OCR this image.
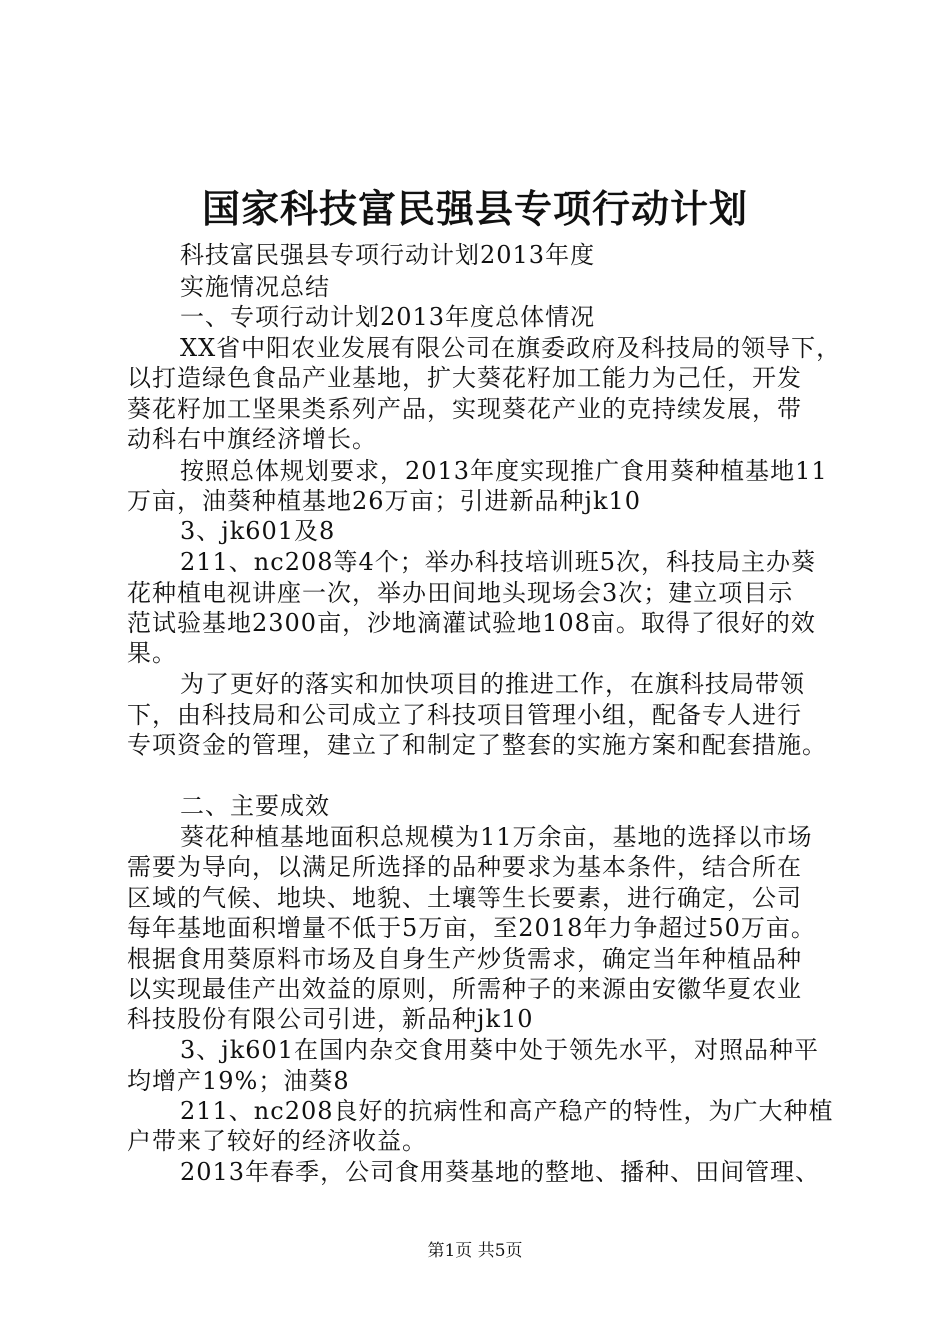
国家科技富民强县专项行动计划
科技富民强县专项行动计划2013年度
实施情况总结
一、专项行动计划2013年度总体情况
XX省中阳农业发展有限公司在旗委政府及科技局的领导下，
以打造绿色食品产业基地，扩大葵花籽加工能力为己任，开发
葵花籽加工坚果类系列产品，实现葵花产业的克持续发展，带
动科右中旗经济增长。
按照总体规划要求，2013年度实现推广食用葵种植基地11
万亩，油葵种植基地26万亩；引进新品种jk10
3、jk601及8
211、nc208等4个；举办科技培训班5次，科技局主办葵
花种植电视讲座一次，举办田间地头现场会3次；建立项目示
范试验基地2300亩，沙地滴灌试验地108亩。取得了很好的效
果。
为了更好的落实和加快项目的推进工作，在旗科技局带领
下，由科技局和公司成立了科技项目管理小组，配备专人进行
专项资金的管理，建立了和制定了整套的实施方案和配套措施。
二、主要成效
葵花种植基地面积总规模为11万余亩，基地的选择以市场
需要为导向，以满足所选择的品种要求为基本条件，结合所在
区域的气候、地块、地貌、土壤等生长要素，进行确定，公司
每年基地面积增量不低于5万亩，至2018年力争超过50万亩。
根据食用葵原料市场及自身生产炒货需求，确定当年种植品种
以实现最佳产出效益的原则，所需种子的来源由安徽华夏农业
科技股份有限公司引进，新品种jk10
3、jk601在国内杂交食用葵中处于领先水平，对照品种平
均增产19%；油葵8
211、nc208良好的抗病性和高产稳产的特性，为广大种植
户带来了较好的经济收益。
2013年春季，公司食用葵基地的整地、播种、田间管理、
第1页 共5页
